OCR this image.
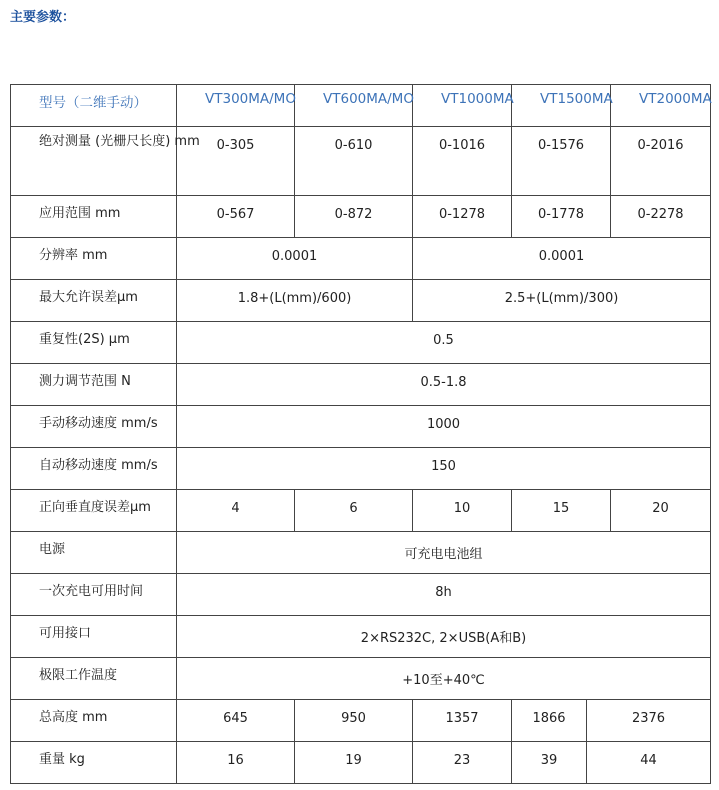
主要参数：
型号（二维手动）	VT300MA/MO	VT600MA/MO	VT1000MA	VT1500MA		VT2000MA
绝对测量 (光栅尺长度) mm	0-305	0-610	0-1016	0-1576		0-2016
应用范围 mm	0-567	0-872	0-1278	0-1778		0-2278
分辨率 mm	0.0001		0.0001			
最大允许误差μm	1.8+(L(mm)/600)		2.5+(L(mm)/300)			
重复性(2S) μm	0.5					
测力调节范围 N	0.5-1.8					
手动移动速度 mm/s	1000					
自动移动速度 mm/s	150					
正向垂直度误差μm	4	6	10	15		20
电源	可充电电池组					
一次充电可用时间	8h					
可用接口	2×RS232C, 2×USB(A和B)					
极限工作温度	+10至+40℃					
总高度 mm	645	950	1357	1866	2376	
重量 kg	16	19	23	39	44	
